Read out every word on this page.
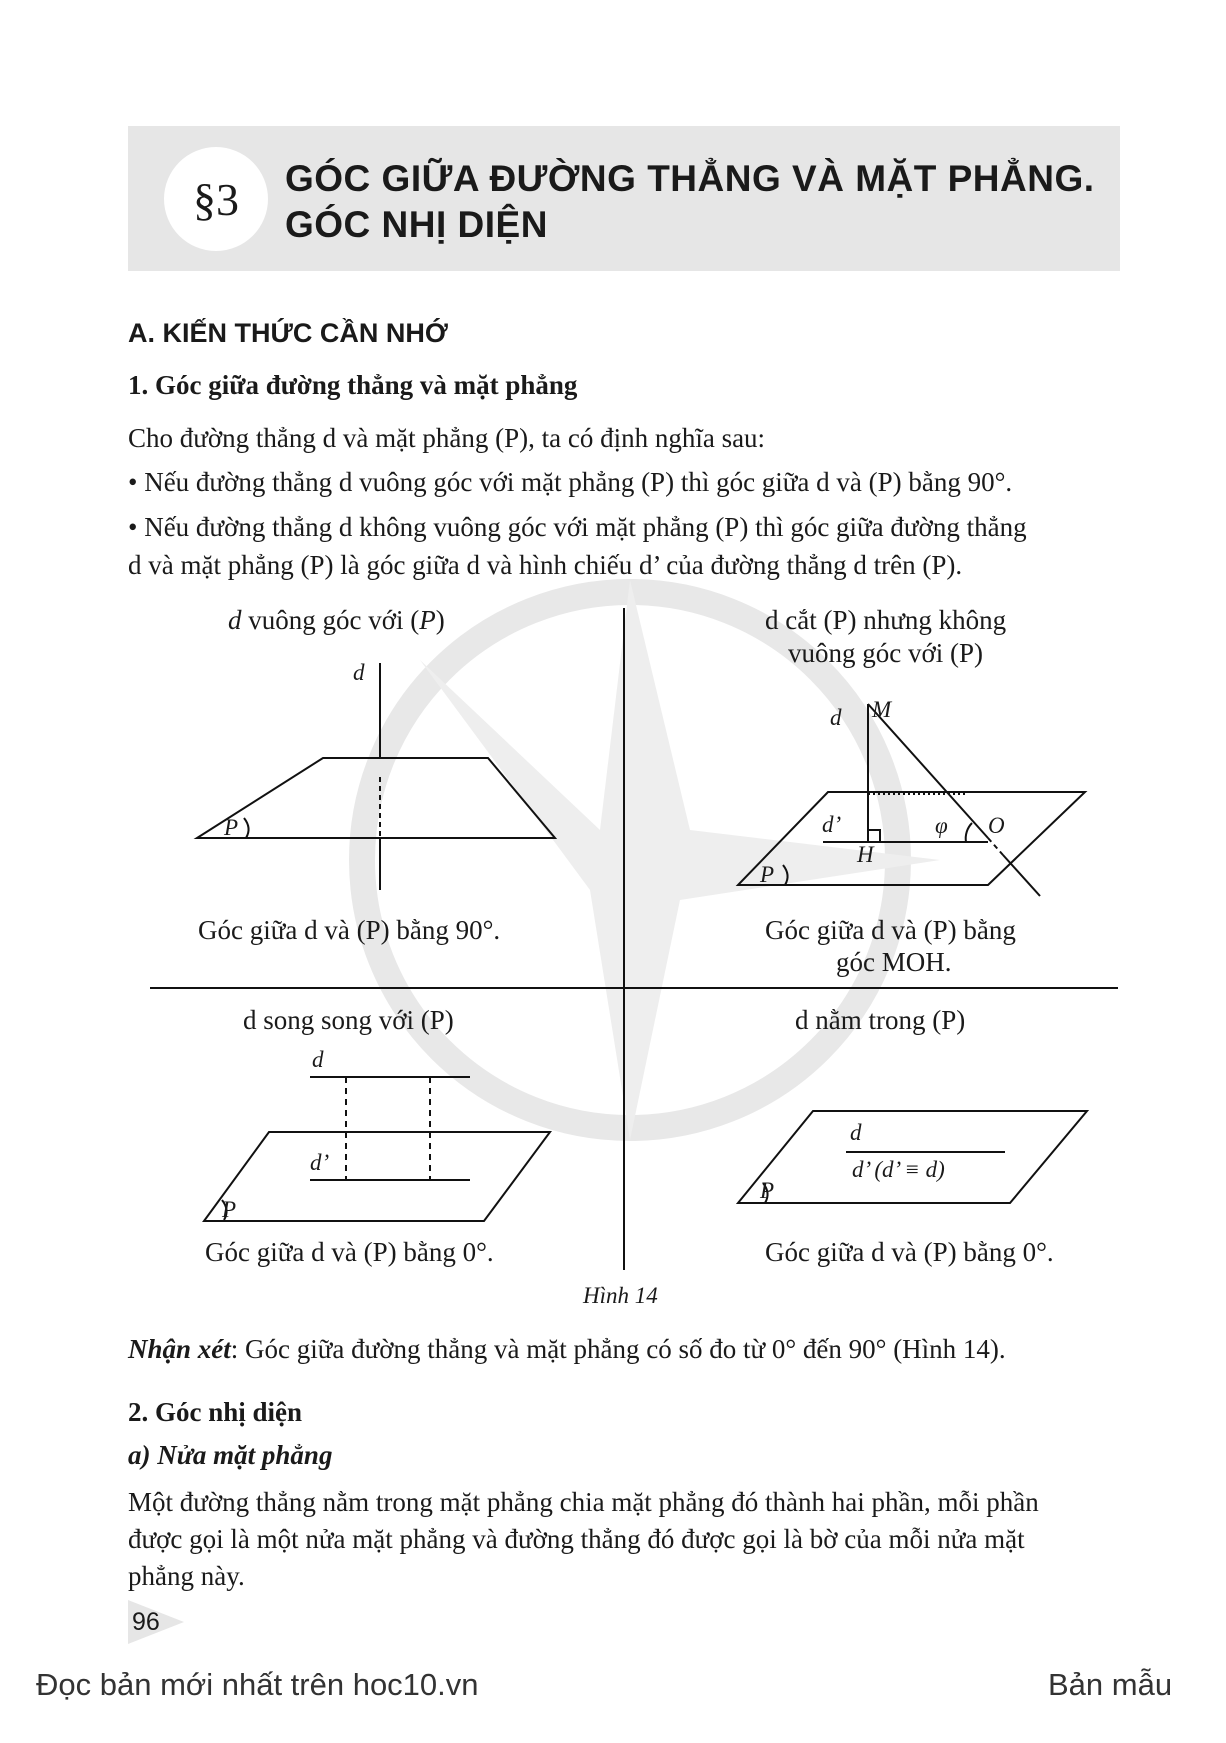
§3	GÓC GIỮA ĐƯỜNG THẲNG VÀ MẶT PHẲNG.
GÓC NHỊ DIỆN
A. KIẾN THỨC CẦN NHỚ
1. Góc giữa đường thẳng và mặt phẳng
Cho đường thẳng d và mặt phẳng (P), ta có định nghĩa sau:
• Nếu đường thẳng d vuông góc với mặt phẳng (P) thì góc giữa d và (P) bằng 90°.
• Nếu đường thẳng d không vuông góc với mặt phẳng (P) thì góc giữa đường thẳng
d và mặt phẳng (P) là góc giữa d và hình chiếu d’ của đường thẳng d trên (P).
d vuông góc với (P)
d
P
Góc giữa d và (P) bằng 90°.
d cắt (P) nhưng không
vuông góc với (P)
d M
d’	φ O
H
P
Góc giữa d và (P) bằng
góc MOH.
d song song với (P)
d
d’
P
Góc giữa d và (P) bằng 0°.
d nằm trong (P)
d
d’ (d’ ≡ d)
P
Góc giữa d và (P) bằng 0°.
Hình 14
Nhận xét: Góc giữa đường thẳng và mặt phẳng có số đo từ 0° đến 90° (Hình 14).
2. Góc nhị diện
a) Nửa mặt phẳng
Một đường thẳng nằm trong mặt phẳng chia mặt phẳng đó thành hai phần, mỗi phần
được gọi là một nửa mặt phẳng và đường thẳng đó được gọi là bờ của mỗi nửa mặt
phẳng này.
96
Đọc bản mới nhất trên hoc10.vn	Bản mẫu
